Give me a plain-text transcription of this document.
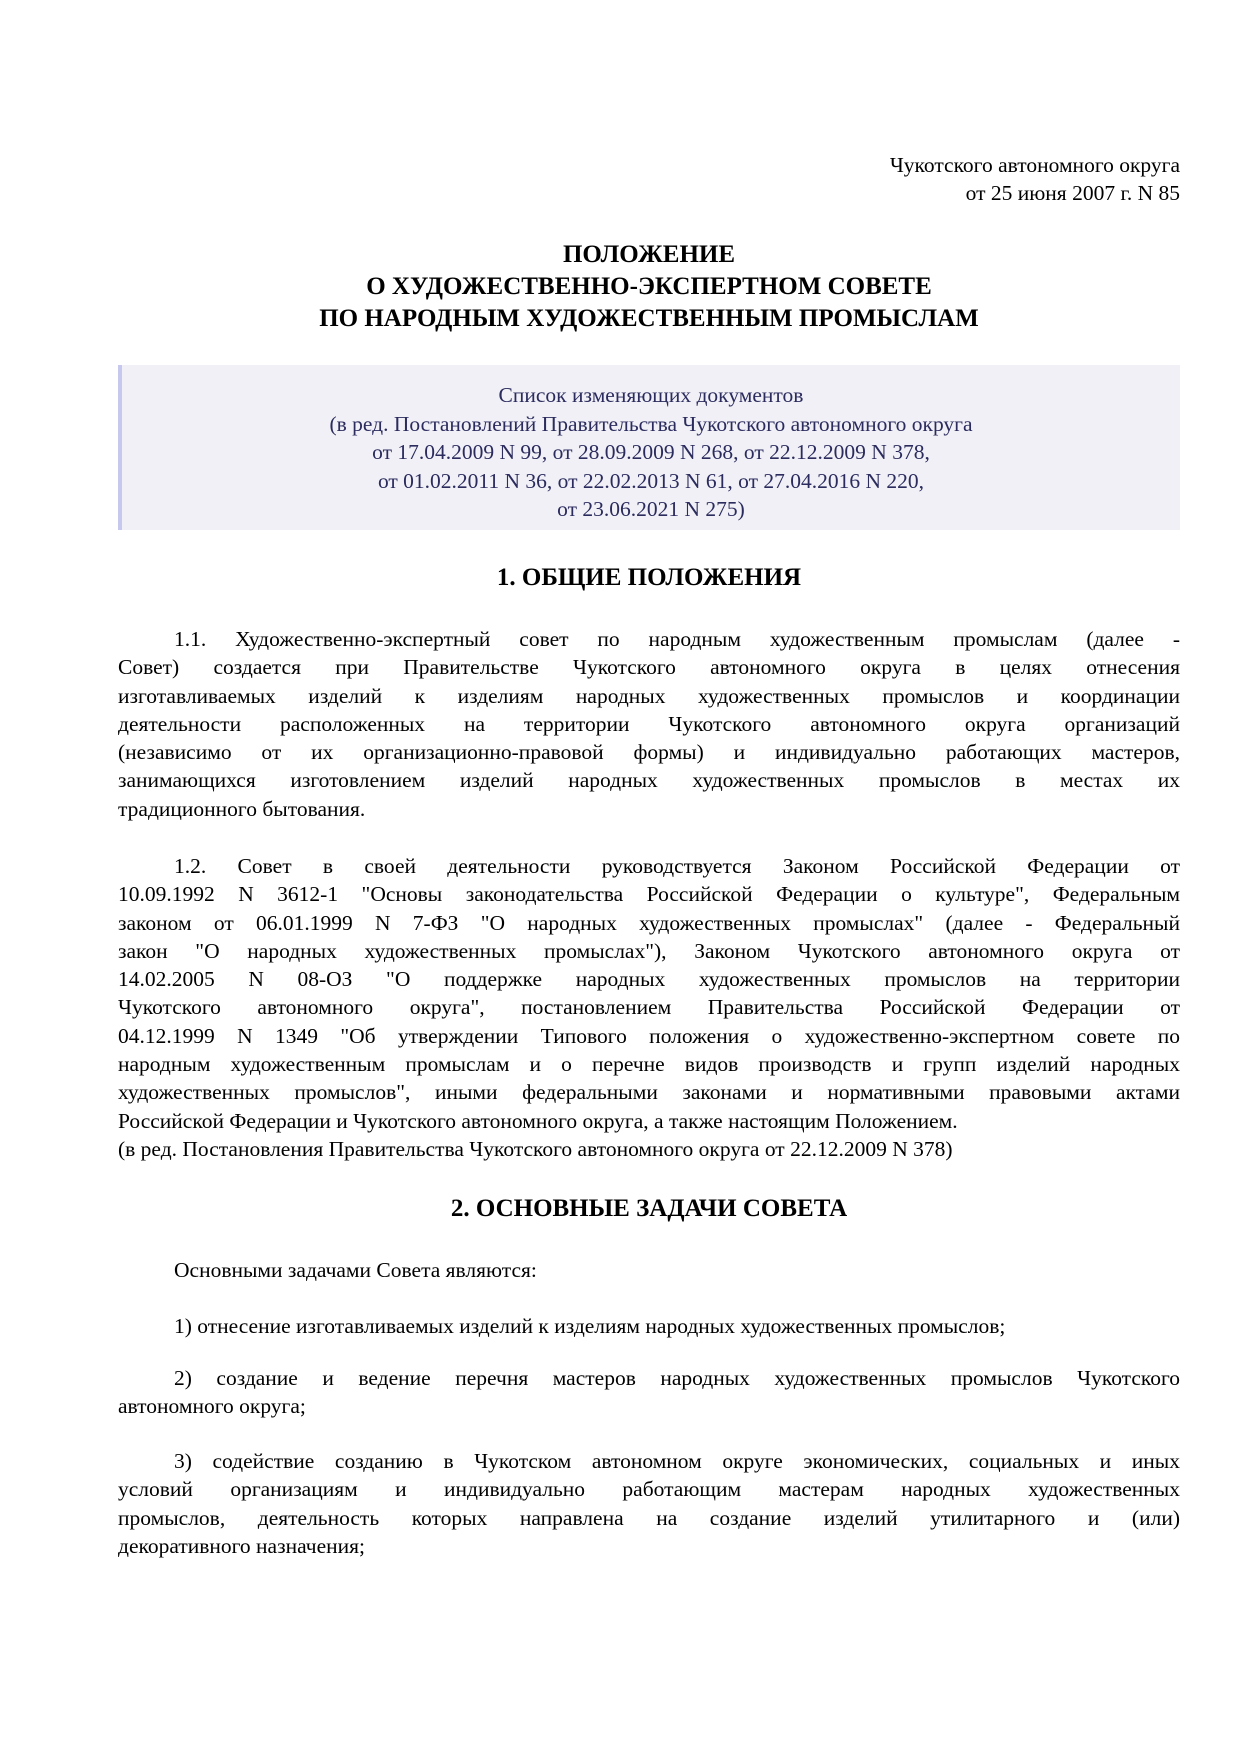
Чукотского автономного округа
от 25 июня 2007 г. N 85
ПОЛОЖЕНИЕ
О ХУДОЖЕСТВЕННО-ЭКСПЕРТНОМ СОВЕТЕ
ПО НАРОДНЫМ ХУДОЖЕСТВЕННЫМ ПРОМЫСЛАМ
Список изменяющих документов
(в ред. Постановлений Правительства Чукотского автономного округа
от 17.04.2009 N 99, от 28.09.2009 N 268, от 22.12.2009 N 378,
от 01.02.2011 N 36, от 22.02.2013 N 61, от 27.04.2016 N 220,
от 23.06.2021 N 275)
1. ОБЩИЕ ПОЛОЖЕНИЯ
1.1. Художественно-экспертный совет по народным художественным промыслам (далее -
Совет) создается при Правительстве Чукотского автономного округа в целях отнесения
изготавливаемых изделий к изделиям народных художественных промыслов и координации
деятельности расположенных на территории Чукотского автономного округа организаций
(независимо от их организационно-правовой формы) и индивидуально работающих мастеров,
занимающихся изготовлением изделий народных художественных промыслов в местах их
традиционного бытования.
1.2. Совет в своей деятельности руководствуется Законом Российской Федерации от
10.09.1992 N 3612-1 "Основы законодательства Российской Федерации о культуре", Федеральным
законом от 06.01.1999 N 7-ФЗ "О народных художественных промыслах" (далее - Федеральный
закон "О народных художественных промыслах"), Законом Чукотского автономного округа от
14.02.2005 N 08-ОЗ "О поддержке народных художественных промыслов на территории
Чукотского автономного округа", постановлением Правительства Российской Федерации от
04.12.1999 N 1349 "Об утверждении Типового положения о художественно-экспертном совете по
народным художественным промыслам и о перечне видов производств и групп изделий народных
художественных промыслов", иными федеральными законами и нормативными правовыми актами
Российской Федерации и Чукотского автономного округа, а также настоящим Положением.
(в ред. Постановления Правительства Чукотского автономного округа от 22.12.2009 N 378)
2. ОСНОВНЫЕ ЗАДАЧИ СОВЕТА
Основными задачами Совета являются:
1) отнесение изготавливаемых изделий к изделиям народных художественных промыслов;
2) создание и ведение перечня мастеров народных художественных промыслов Чукотского
автономного округа;
3) содействие созданию в Чукотском автономном округе экономических, социальных и иных
условий организациям и индивидуально работающим мастерам народных художественных
промыслов, деятельность которых направлена на создание изделий утилитарного и (или)
декоративного назначения;
